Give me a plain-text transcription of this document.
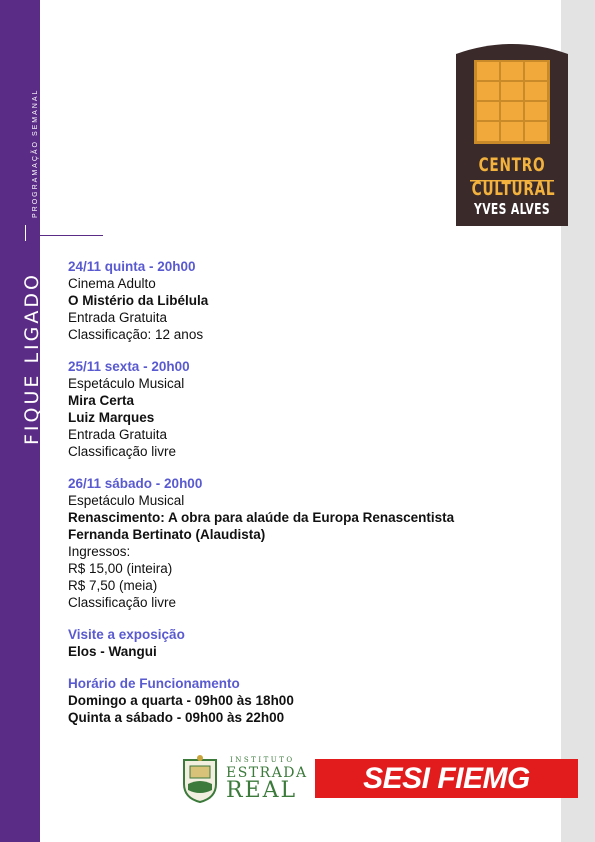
FIQUE LIGADO
PROGRAMAÇÃO SEMANAL	CENTRO
CULTURAL
YVES ALVES
24/11 quinta - 20h00
Cinema Adulto
O Mistério da Libélula
Entrada Gratuita
Classificação: 12 anos
25/11 sexta - 20h00
Espetáculo Musical
Mira Certa
Luiz Marques
Entrada Gratuita
Classificação livre
26/11 sábado - 20h00
Espetáculo Musical
Renascimento: A obra para alaúde da Europa Renascentista
Fernanda Bertinato (Alaudista)
Ingressos:
R$ 15,00 (inteira)
R$ 7,50 (meia)
Classificação livre
Visite a exposição
Elos - Wangui
Horário de Funcionamento
Domingo a quarta - 09h00 às 18h00
Quinta a sábado - 09h00 às 22h00
INSTITUTO
ESTRADA
REAL	SESI FIEMG
